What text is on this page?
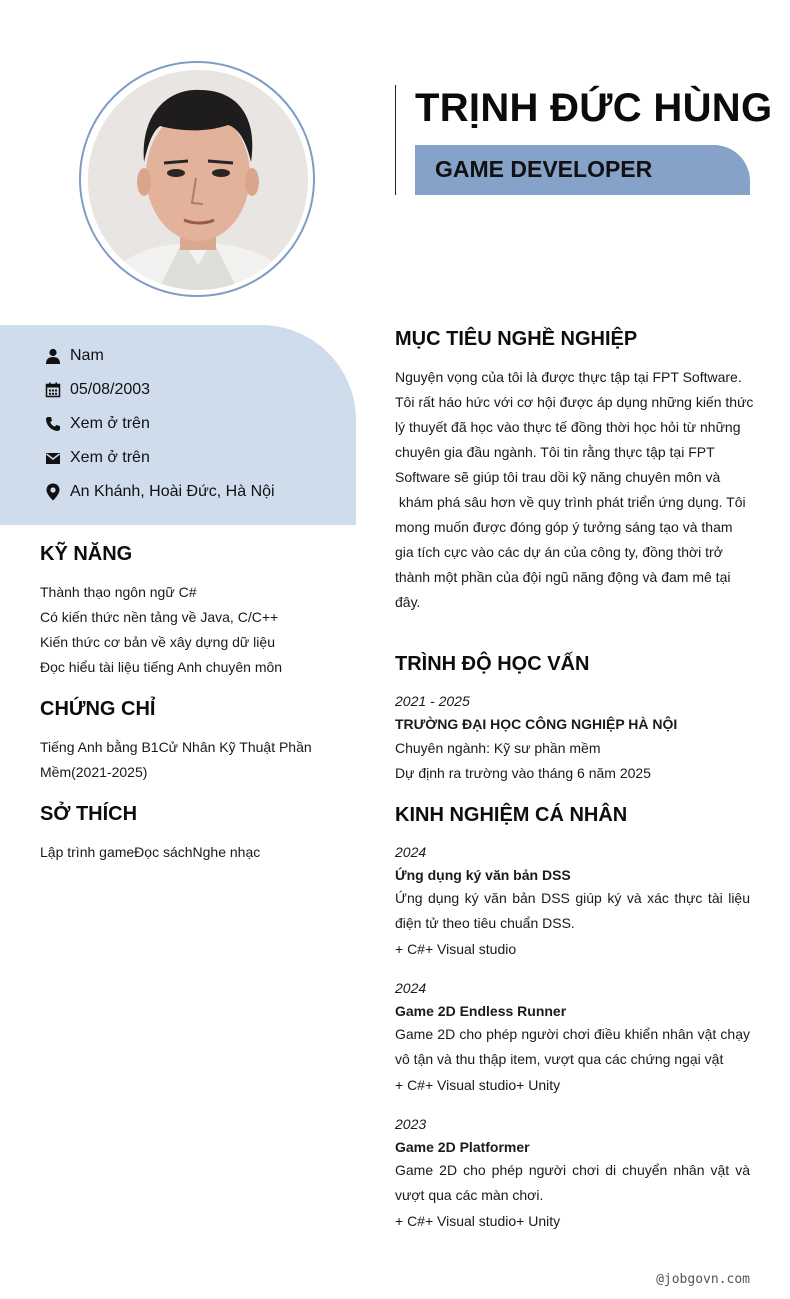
TRỊNH ĐỨC HÙNG
GAME DEVELOPER
Nam
05/08/2003
Xem ở trên
Xem ở trên
An Khánh, Hoài Đức, Hà Nội
KỸ NĂNG
Thành thạo ngôn ngữ C#
Có kiến thức nền tảng về Java, C/C++
Kiến thức cơ bản về xây dựng dữ liệu
Đọc hiểu tài liệu tiếng Anh chuyên môn
CHỨNG CHỈ
Tiếng Anh bằng B1Cử Nhân Kỹ Thuật Phần
Mềm(2021-2025)
SỞ THÍCH
Lập trình gameĐọc sáchNghe nhạc
MỤC TIÊU NGHỀ NGHIỆP
Nguyện vọng của tôi là được thực tập tại FPT Software.
Tôi rất háo hức với cơ hội được áp dụng những kiến thức
lý thuyết đã học vào thực tế đồng thời học hỏi từ những
chuyên gia đầu ngành. Tôi tin rằng thực tập tại FPT
Software sẽ giúp tôi trau dồi kỹ năng chuyên môn và
khám phá sâu hơn về quy trình phát triển ứng dụng. Tôi
mong muốn được đóng góp ý tưởng sáng tạo và tham
gia tích cực vào các dự án của công ty, đồng thời trở
thành một phần của đội ngũ năng động và đam mê tại
đây.
TRÌNH ĐỘ HỌC VẤN
2021 - 2025
TRƯỜNG ĐẠI HỌC CÔNG NGHIỆP HÀ NỘI
Chuyên ngành: Kỹ sư phần mềm
Dự định ra trường vào tháng 6 năm 2025
KINH NGHIỆM CÁ NHÂN
2024
Ứng dụng ký văn bản DSS

Ứng dụng ký văn bản DSS giúp ký và xác thực tài liệu điện tử theo tiêu chuẩn DSS.

+ C#+ Visual studio
2024
Game 2D Endless Runner

Game 2D cho phép người chơi điều khiển nhân vật chạy vô tận và thu thập item, vượt qua các chứng ngại vật

+ C#+ Visual studio+ Unity
2023
Game 2D Platformer

Game 2D cho phép người chơi di chuyển nhân vật và vượt qua các màn chơi.

+ C#+ Visual studio+ Unity
@jobgovn.com
